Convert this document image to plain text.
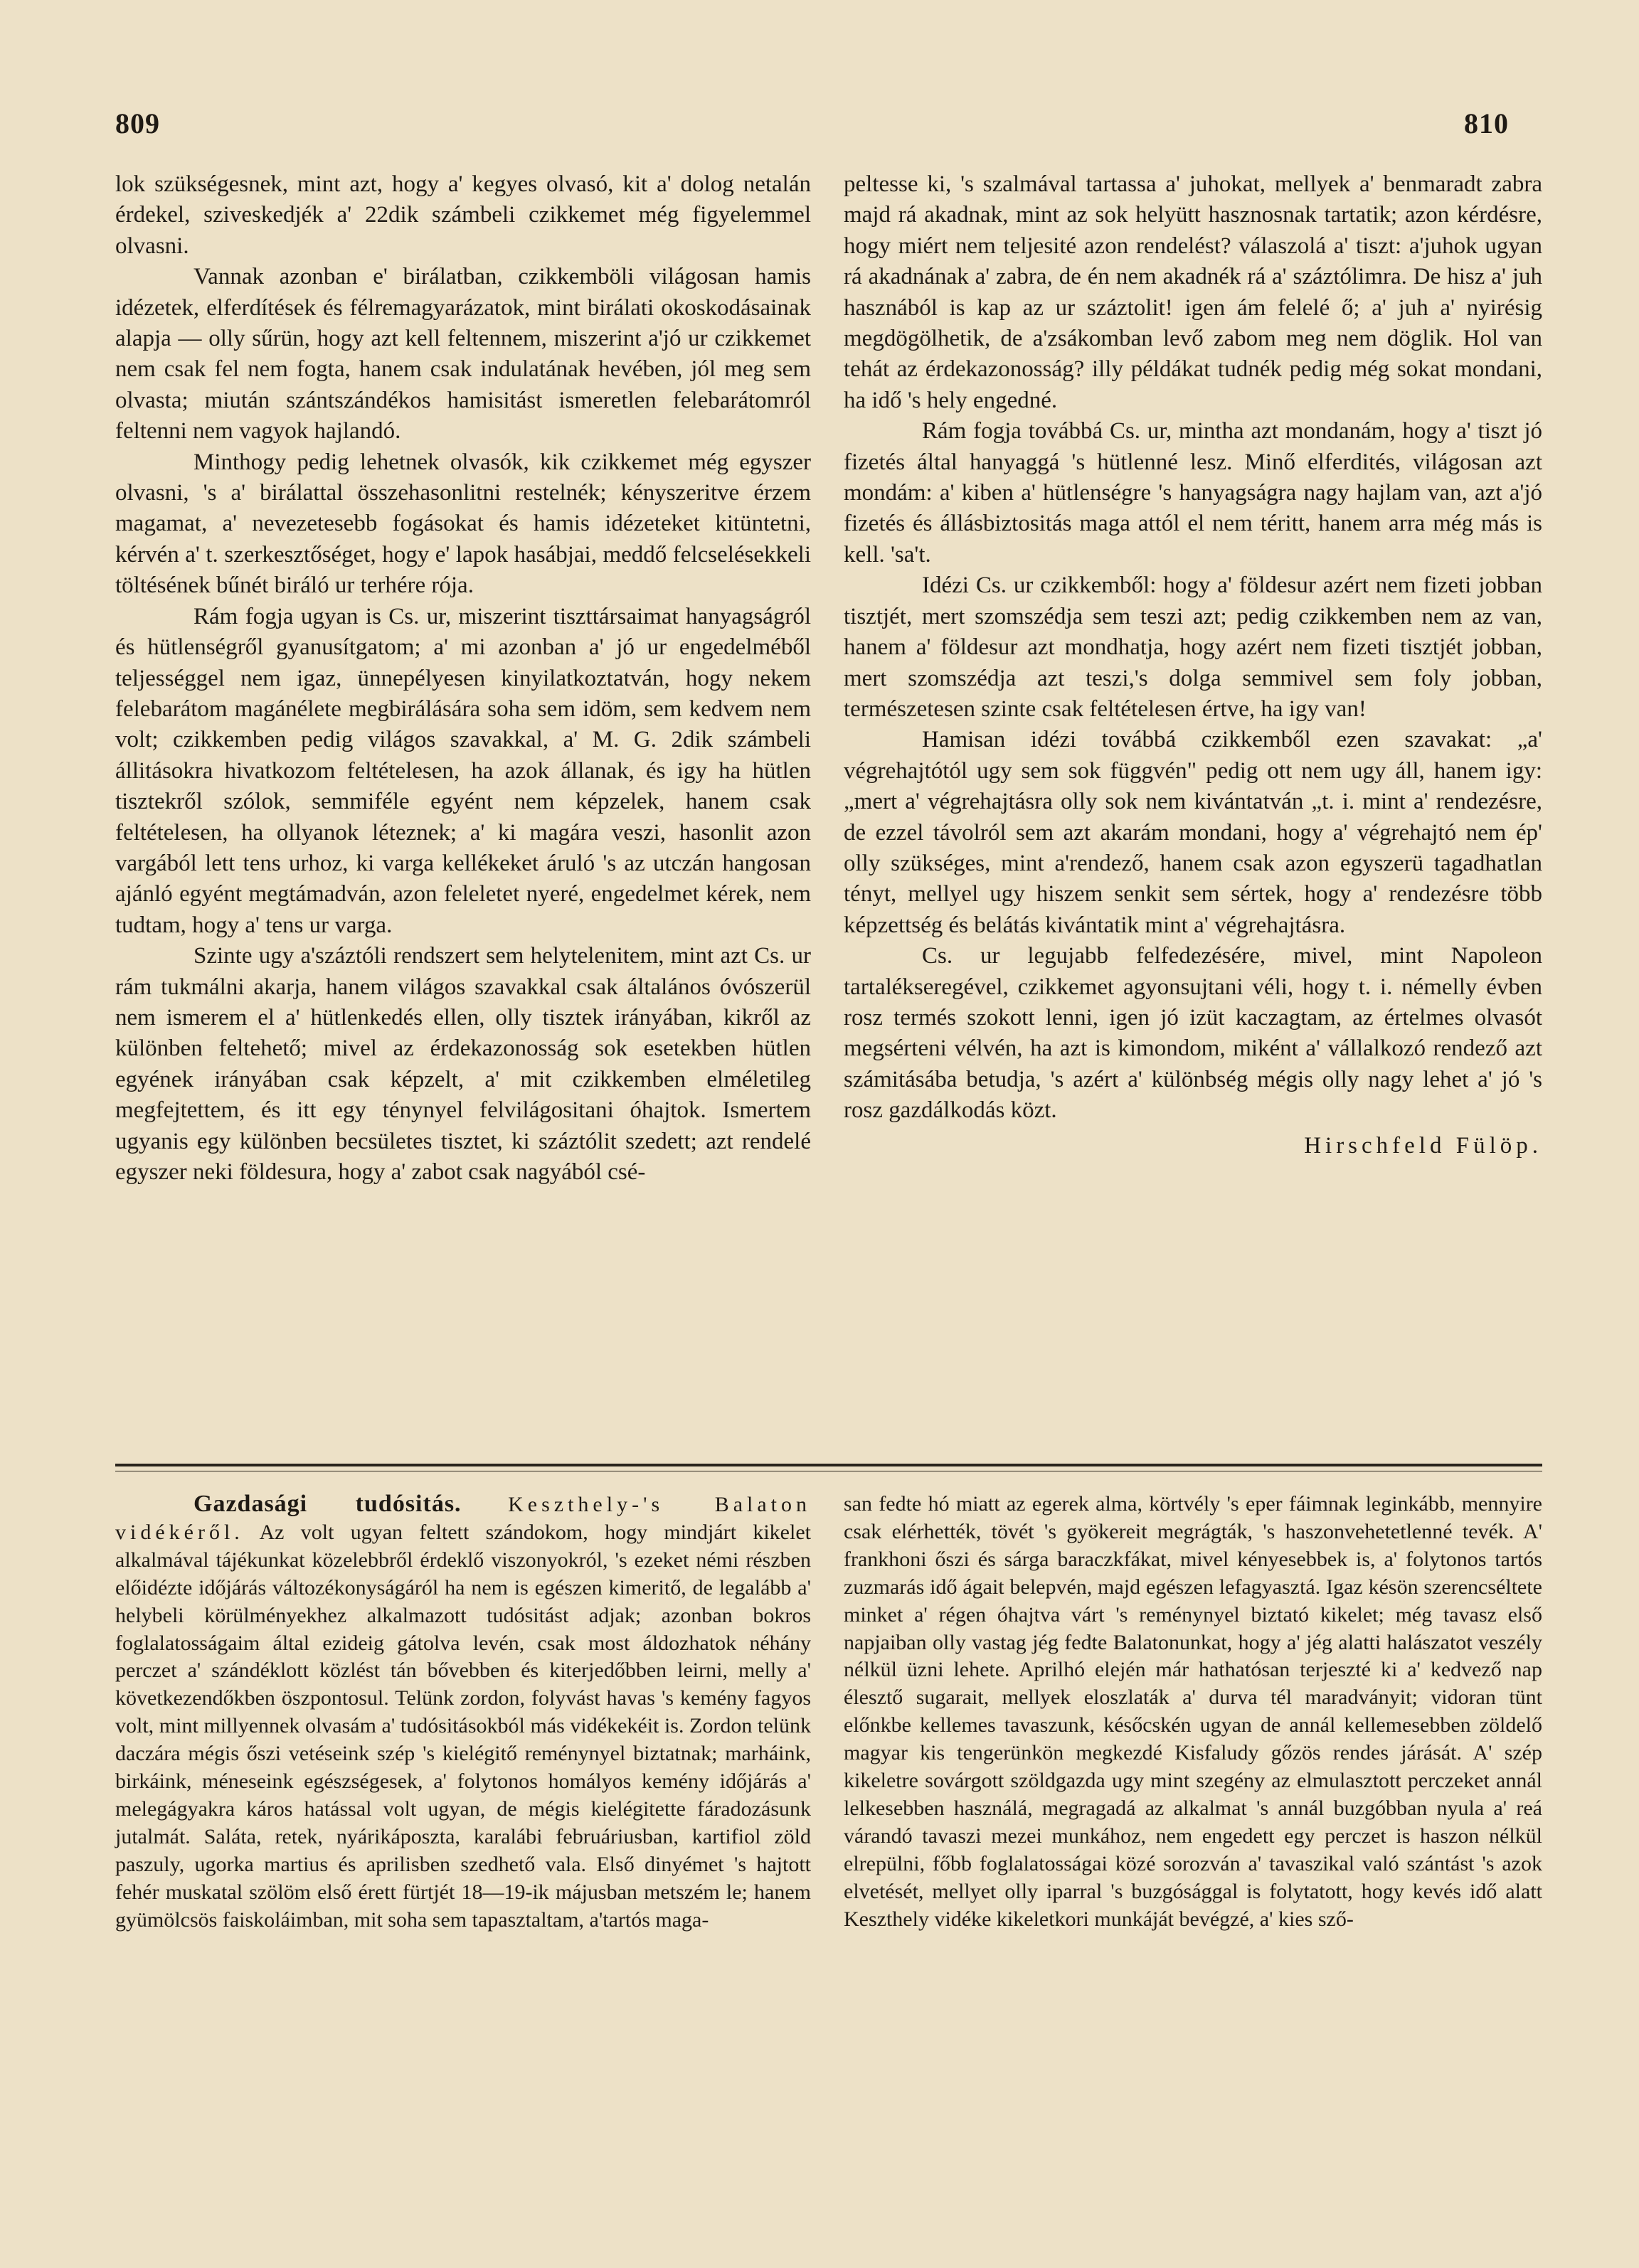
809	810

lok szükségesnek, mint azt, hogy a' kegyes olvasó, kit a' dolog netalán érdekel, sziveskedjék a' 22dik számbeli czikkemet még figyelemmel olvasni.

Vannak azonban e' birálatban, czikkemböli világosan hamis idézetek, elferdítések és félremagyarázatok, mint birálati okoskodásainak alapja — olly sűrün, hogy azt kell feltennem, miszerint a'jó ur czikkemet nem csak fel nem fogta, hanem csak indulatának hevében, jól meg sem olvasta; miután szántszándékos hamisitást ismeretlen felebarátomról feltenni nem vagyok hajlandó.

Minthogy pedig lehetnek olvasók, kik czikkemet még egyszer olvasni, 's a' birálattal összehasonlitni restelnék; kényszeritve érzem magamat, a' nevezetesebb fogásokat és hamis idézeteket kitüntetni, kérvén a' t. szerkesztőséget, hogy e' lapok hasábjai, meddő felcselésekkeli töltésének bűnét biráló ur terhére rója.

Rám fogja ugyan is Cs. ur, miszerint tiszttársaimat hanyagságról és hütlenségről gyanusítgatom; a' mi azonban a' jó ur engedelméből teljességgel nem igaz, ünnepélyesen kinyilatkoztatván, hogy nekem felebarátom magánélete megbirálására soha sem idöm, sem kedvem nem volt; czikkemben pedig világos szavakkal, a' M. G. 2dik számbeli állitásokra hivatkozom feltételesen, ha azok állanak, és igy ha hütlen tisztekről szólok, semmiféle egyént nem képzelek, hanem csak feltételesen, ha ollyanok léteznek; a' ki magára veszi, hasonlit azon vargából lett tens urhoz, ki varga kellékeket áruló 's az utczán hangosan ajánló egyént megtámadván, azon feleletet nyeré, engedelmet kérek, nem tudtam, hogy a' tens ur varga.

Szinte ugy a'száztóli rendszert sem helytelenitem, mint azt Cs. ur rám tukmálni akarja, hanem világos szavakkal csak általános óvószerül nem ismerem el a' hütlenkedés ellen, olly tisztek irányában, kikről az különben feltehető; mivel az érdekazonosság sok esetekben hütlen egyének irányában csak képzelt, a' mit czikkemben elméletileg megfejtettem, és itt egy ténynyel felvilágositani óhajtok. Ismertem ugyanis egy különben becsületes tisztet, ki száztólit szedett; azt rendelé egyszer neki földesura, hogy a' zabot csak nagyából csé-

peltesse ki, 's szalmával tartassa a' juhokat, mellyek a' benmaradt zabra majd rá akadnak, mint az sok helyütt hasznosnak tartatik; azon kérdésre, hogy miért nem teljesité azon rendelést? válaszolá a' tiszt: a'juhok ugyan rá akadnának a' zabra, de én nem akadnék rá a' száztólimra. De hisz a' juh hasznából is kap az ur száztolit! igen ám felelé ő; a' juh a' nyirésig megdögölhetik, de a'zsákomban levő zabom meg nem döglik. Hol van tehát az érdekazonosság? illy példákat tudnék pedig még sokat mondani, ha idő 's hely engedné.

Rám fogja továbbá Cs. ur, mintha azt mondanám, hogy a' tiszt jó fizetés által hanyaggá 's hütlenné lesz. Minő elferdités, világosan azt mondám: a' kiben a' hütlenségre 's hanyagságra nagy hajlam van, azt a'jó fizetés és állásbiztositás maga attól el nem téritt, hanem arra még más is kell. 'sa't.

Idézi Cs. ur czikkemből: hogy a' földesur azért nem fizeti jobban tisztjét, mert szomszédja sem teszi azt; pedig czikkemben nem az van, hanem a' földesur azt mondhatja, hogy azért nem fizeti tisztjét jobban, mert szomszédja azt teszi,'s dolga semmivel sem foly jobban, természetesen szinte csak feltételesen értve, ha igy van!

Hamisan idézi továbbá czikkemből ezen szavakat: „a' végrehajtótól ugy sem sok függvén" pedig ott nem ugy áll, hanem igy: „mert a' végrehajtásra olly sok nem kivántatván „t. i. mint a' rendezésre, de ezzel távolról sem azt akarám mondani, hogy a' végrehajtó nem ép' olly szükséges, mint a'rendező, hanem csak azon egyszerü tagadhatlan tényt, mellyel ugy hiszem senkit sem sértek, hogy a' rendezésre több képzettség és belátás kivántatik mint a' végrehajtásra.

Cs. ur legujabb felfedezésére, mivel, mint Napoleon tartalékseregével, czikkemet agyonsujtani véli, hogy t. i. némelly évben rosz termés szokott lenni, igen jó izüt kaczagtam, az értelmes olvasót megsérteni vélvén, ha azt is kimondom, miként a' vállalkozó rendező azt számitásába betudja, 's azért a' különbség mégis olly nagy lehet a' jó 's rosz gazdálkodás közt.

Hirschfeld Fülöp.

Gazdasági tudósitás. Keszthely-'s Balaton vidékéről. Az volt ugyan feltett szándokom, hogy mindjárt kikelet alkalmával tájékunkat közelebbről érdeklő viszonyokról, 's ezeket némi részben előidézte időjárás változékonyságáról ha nem is egészen kimeritő, de legalább a' helybeli körülményekhez alkalmazott tudósitást adjak; azonban bokros foglalatosságaim által ezideig gátolva levén, csak most áldozhatok néhány perczet a' szándéklott közlést tán bővebben és kiterjedőbben leirni, melly a' következendőkben öszpontosul. Telünk zordon, folyvást havas 's kemény fagyos volt, mint millyennek olvasám a' tudósitásokból más vidékekéit is. Zordon telünk daczára mégis őszi vetéseink szép 's kielégitő reménynyel biztatnak; marháink, birkáink, méneseink egészségesek, a' folytonos homályos kemény időjárás a' melegágyakra káros hatással volt ugyan, de mégis kielégitette fáradozásunk jutalmát. Saláta, retek, nyárikáposzta, karalábi februáriusban, kartifiol zöld paszuly, ugorka martius és aprilisben szedhető vala. Első dinyémet 's hajtott fehér muskatal szölöm első érett fürtjét 18—19-ik májusban metszém le; hanem gyümölcsös faiskoláimban, mit soha sem tapasztaltam, a'tartós maga-

san fedte hó miatt az egerek alma, körtvély 's eper fáimnak leginkább, mennyire csak elérhették, tövét 's gyökereit megrágták, 's haszonvehetetlenné tevék. A' frankhoni őszi és sárga baraczkfákat, mivel kényesebbek is, a' folytonos tartós zuzmarás idő ágait belepvén, majd egészen lefagyasztá. Igaz késön szerencséltete minket a' régen óhajtva várt 's reménynyel biztató kikelet; még tavasz első napjaiban olly vastag jég fedte Balatonunkat, hogy a' jég alatti halászatot veszély nélkül üzni lehete. Aprilhó elején már hathatósan terjeszté ki a' kedvező nap élesztő sugarait, mellyek eloszlaták a' durva tél maradványit; vidoran tünt előnkbe kellemes tavaszunk, későcskén ugyan de annál kellemesebben zöldelő magyar kis tengerünkön megkezdé Kisfaludy gőzös rendes járását. A' szép kikeletre sovárgott szöldgazda ugy mint szegény az elmulasztott perczeket annál lelkesebben használá, megragadá az alkalmat 's annál buzgóbban nyula a' reá várandó tavaszi mezei munkához, nem engedett egy perczet is haszon nélkül elrepülni, főbb foglalatosságai közé sorozván a' tavaszikal való szántást 's azok elvetését, mellyet olly iparral 's buzgósággal is folytatott, hogy kevés idő alatt Keszthely vidéke kikeletkori munkáját bevégzé, a' kies sző-
